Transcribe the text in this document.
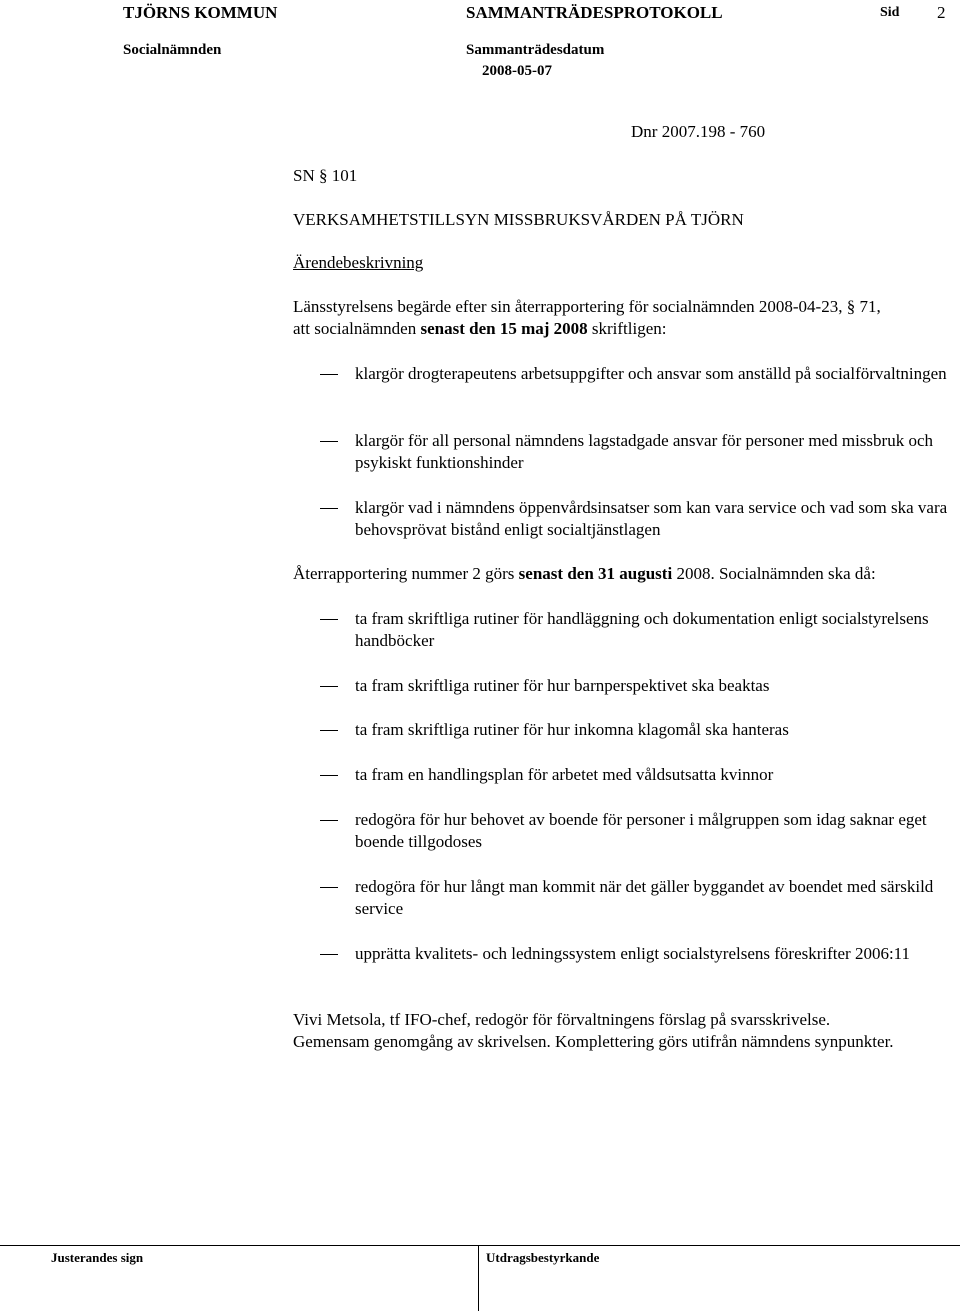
TJÖRNS KOMMUN	SAMMANTRÄDESPROTOKOLL	Sid 2
Socialnämnden	Sammanträdesdatum
2008-05-07
Dnr 2007.198 - 760
SN § 101
VERKSAMHETSTILLSYN MISSBRUKSVÅRDEN PÅ TJÖRN
Ärendebeskrivning
Länsstyrelsens begärde efter sin återrapportering för socialnämnden 2008-04-23, § 71,
att socialnämnden senast den 15 maj 2008 skriftligen:
klargör drogterapeutens arbetsuppgifter och ansvar som anställd på socialförvaltningen
klargör för all personal nämndens lagstadgade ansvar för personer med missbruk och psykiskt funktionshinder
klargör vad i nämndens öppenvårdsinsatser som kan vara service och vad som ska vara behovsprövat bistånd enligt socialtjänstlagen
Återrapportering nummer 2 görs senast den 31 augusti 2008. Socialnämnden ska då:
ta fram skriftliga rutiner för handläggning och dokumentation enligt socialstyrelsens handböcker
ta fram skriftliga rutiner för hur barnperspektivet ska beaktas
ta fram skriftliga rutiner för hur inkomna klagomål ska hanteras
ta fram en handlingsplan för arbetet med våldsutsatta kvinnor
redogöra för hur behovet av boende för personer i målgruppen som idag saknar eget boende tillgodoses
redogöra för hur långt man kommit när det gäller byggandet av boendet med särskild service
upprätta kvalitets- och ledningssystem enligt socialstyrelsens föreskrifter 2006:11
Vivi Metsola, tf IFO-chef, redogör för förvaltningens förslag på svarsskrivelse. Gemensam genomgång av skrivelsen. Komplettering görs utifrån nämndens synpunkter.
Justerandes sign	Utdragsbestyrkande
